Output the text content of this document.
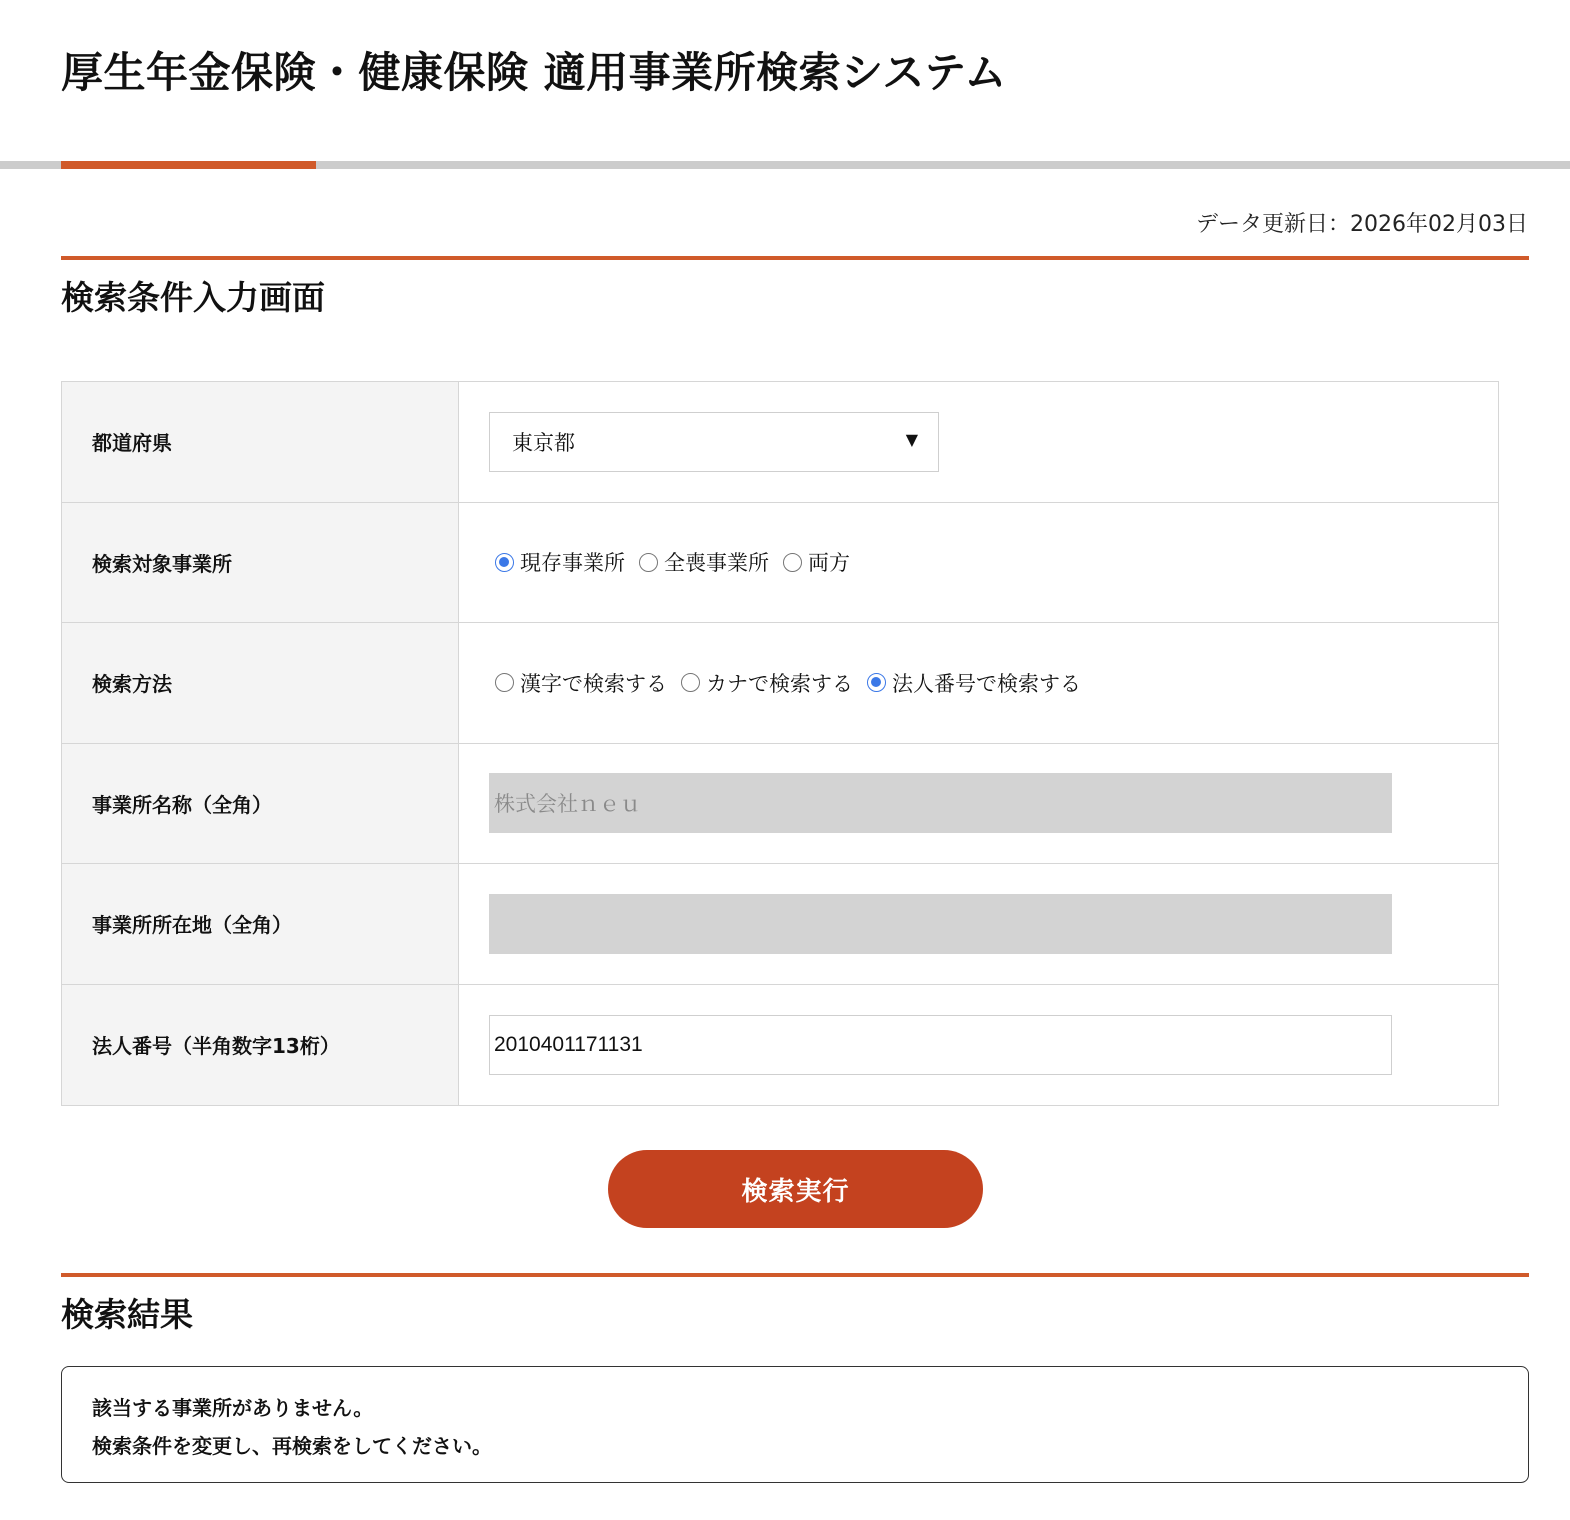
厚生年金保険・健康保険 適用事業所検索システム
データ更新日：2026年02月03日
検索条件入力画面
都道府県	東京都	▼
検索対象事業所	現存事業所 全喪事業所 両方
検索方法	漢字で検索する カナで検索する 法人番号で検索する
事業所名称（全角）	株式会社ｎｅｕ
事業所所在地（全角）
法人番号（半角数字13桁）	2010401171131
検索実行
検索結果
該当する事業所がありません。
検索条件を変更し、再検索をしてください。
